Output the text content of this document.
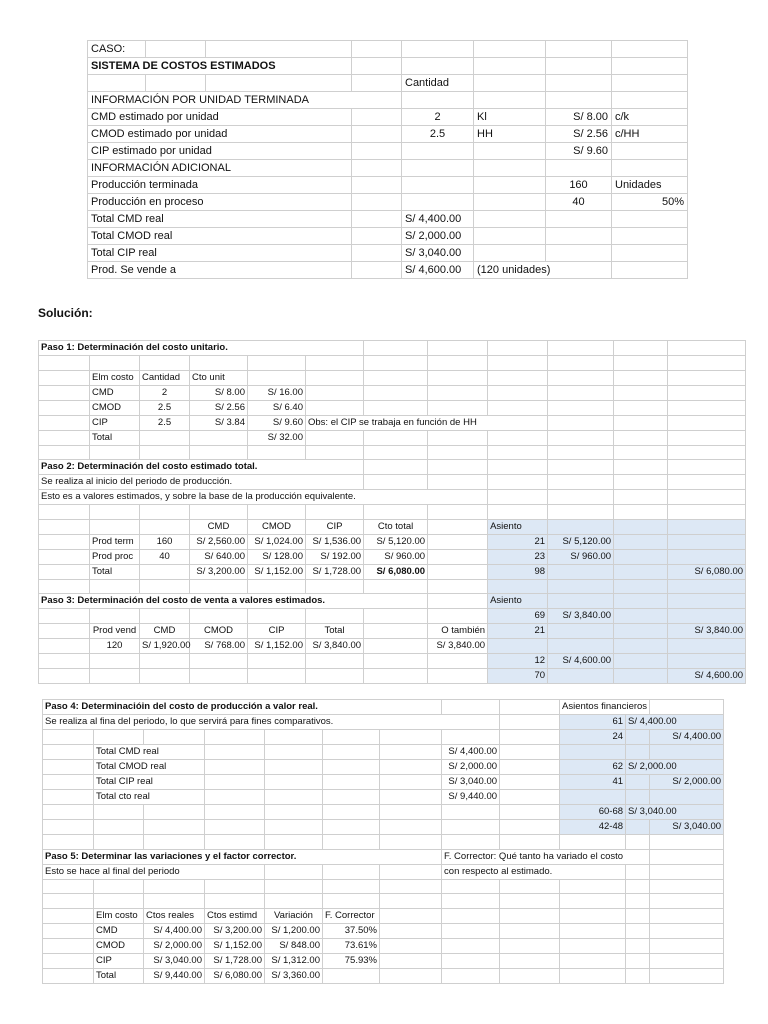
CASO:							
SISTEMA DE COSTOS ESTIMADOS							
				Cantidad			
INFORMACIÓN POR UNIDAD TERMINADA							
CMD estimado por unidad				2	Kl	S/ 8.00	c/k
CMOD estimado por unidad				2.5	HH	S/ 2.56	c/HH
CIP estimado por unidad						S/ 9.60	
INFORMACIÓN ADICIONAL							
Producción terminada						160	Unidades
Producción en proceso						40	50%
Total CMD real				S/ 4,400.00			
Total CMOD real				S/ 2,000.00			
Total CIP real				S/ 3,040.00			
Prod. Se vende a				S/ 4,600.00	(120 unidades)		
Solución:
Paso 1: Determinación del costo unitario.											

	Elm costo	Cantidad	Cto unit								
	CMD	2	S/ 8.00	S/ 16.00							
	CMOD	2.5	S/ 2.56	S/ 6.40							
	CIP	2.5	S/ 3.84	S/ 9.60	Obs: el CIP se trabaja en función de HH						
	Total			S/ 32.00							

Paso 2: Determinación del costo estimado total.											
Se realiza al inicio del periodo de producción.											
Esto es a valores estimados, y sobre la base de la producción equivalente.											

			CMD	CMOD	CIP	Cto total		Asiento			
	Prod term	160	S/ 2,560.00	S/ 1,024.00	S/ 1,536.00	S/ 5,120.00		21	S/ 5,120.00		
	Prod proc	40	S/ 640.00	S/ 128.00	S/ 192.00	S/ 960.00		23	S/ 960.00		
	Total		S/ 3,200.00	S/ 1,152.00	S/ 1,728.00	S/ 6,080.00		98			S/ 6,080.00

Paso 3: Determinación del costo de venta a valores estimados.								Asiento			
								69	S/ 3,840.00		
	Prod vend	CMD	CMOD	CIP	Total		O también	21			S/ 3,840.00
	120	S/ 1,920.00	S/ 768.00	S/ 1,152.00	S/ 3,840.00		S/ 3,840.00				
								12	S/ 4,600.00		
								70			S/ 4,600.00
Paso 4: Determinacióin del costo de producción a valor real.									Asientos financieros		
Se realiza al fina del periodo, lo que servirá para fines comparativos.									61	S/ 4,400.00	
									24		S/ 4,400.00
	Total CMD real						S/ 4,400.00				
	Total CMOD real						S/ 2,000.00		62	S/ 2,000.00	
	Total CIP real						S/ 3,040.00		41		S/ 2,000.00
	Total cto real						S/ 9,440.00				
									60-68	S/ 3,040.00	
									42-48		S/ 3,040.00

Paso 5: Determinar las variaciones y el factor corrector.							F. Corrector: Qué tanto ha variado el costo				
Esto se hace al final del periodo							con respecto al estimado.				

	Elm costo	Ctos reales	Ctos estimd	Variación	F. Corrector						
	CMD	S/ 4,400.00	S/ 3,200.00	S/ 1,200.00	37.50%						
	CMOD	S/ 2,000.00	S/ 1,152.00	S/ 848.00	73.61%						
	CIP	S/ 3,040.00	S/ 1,728.00	S/ 1,312.00	75.93%						
	Total	S/ 9,440.00	S/ 6,080.00	S/ 3,360.00							
